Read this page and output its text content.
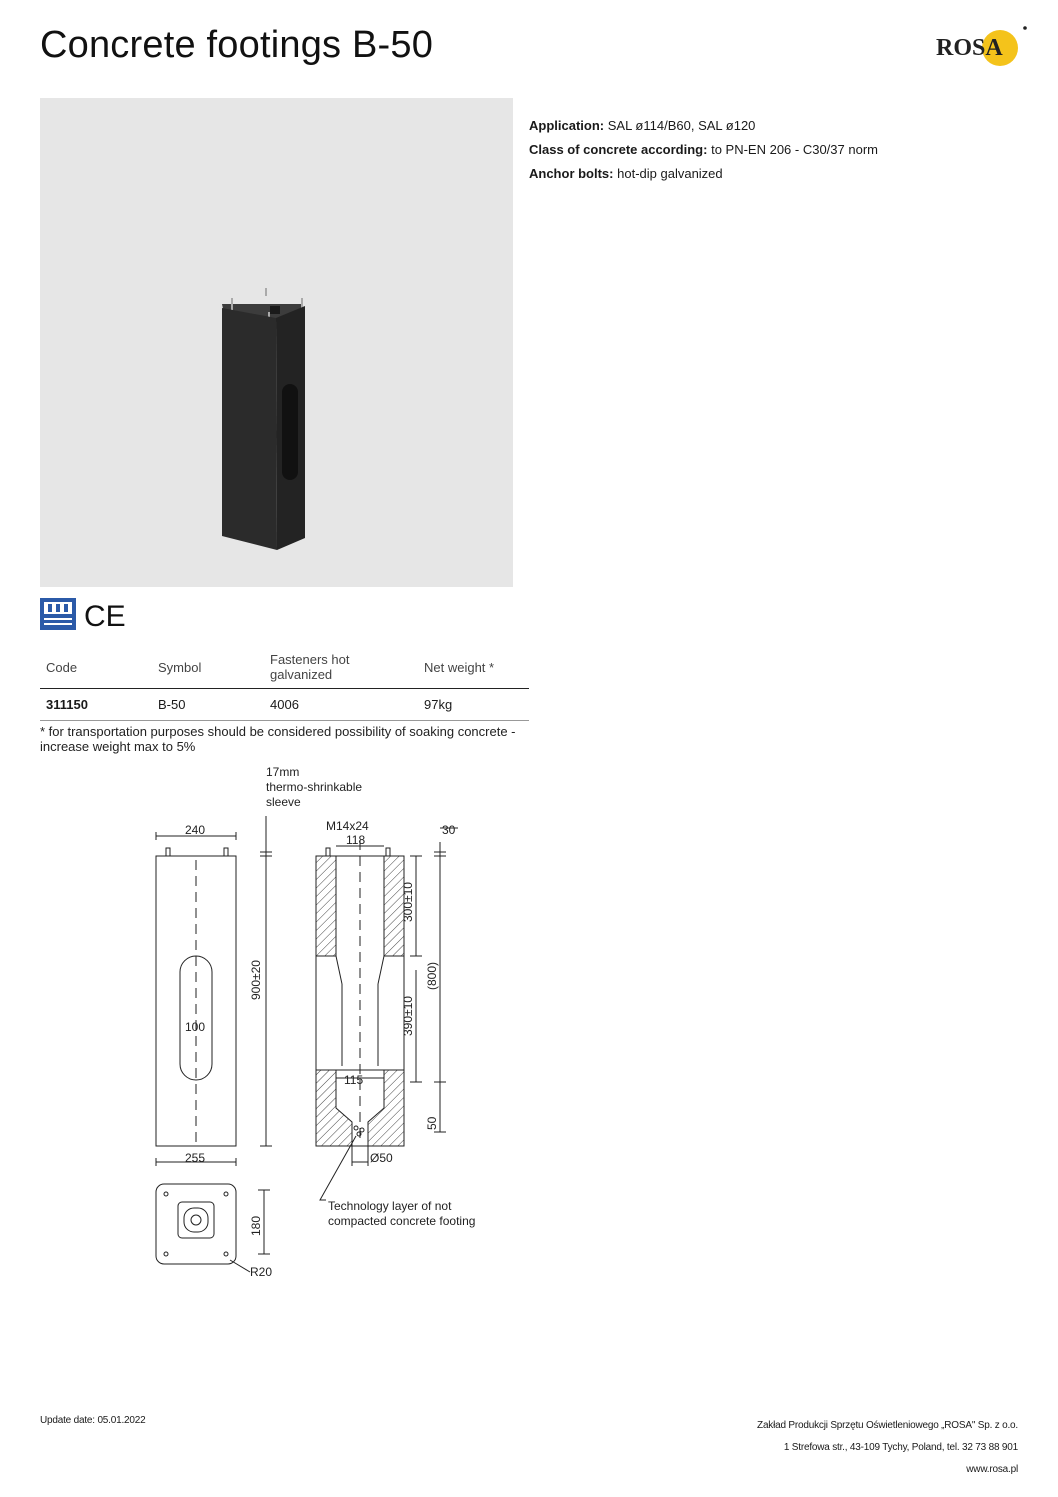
Concrete footings B-50	ROSA
Application: SAL ø114/B60, SAL ø120
Class of concrete according: to PN-EN 206 - C30/37 norm
Anchor bolts: hot-dip galvanized
CE
Code	Symbol	Fasteners hot galvanized	Net weight *
311150	B-50	4006	97kg
* for transportation purposes should be considered possibility of soaking concrete - increase weight max to 5%
17mm
thermo-shrinkable
sleeve
240
100
255
M14x24
118
30
115
Ø50
Technology layer of not
compacted concrete footing
R20
900±20
300±10
390±10
(800)
50
180
Update date: 05.01.2022	Zakład Produkcji Sprzętu Oświetleniowego „ROSA" Sp. z o.o.
1 Strefowa str., 43-109 Tychy, Poland, tel. 32 73 88 901
www.rosa.pl
